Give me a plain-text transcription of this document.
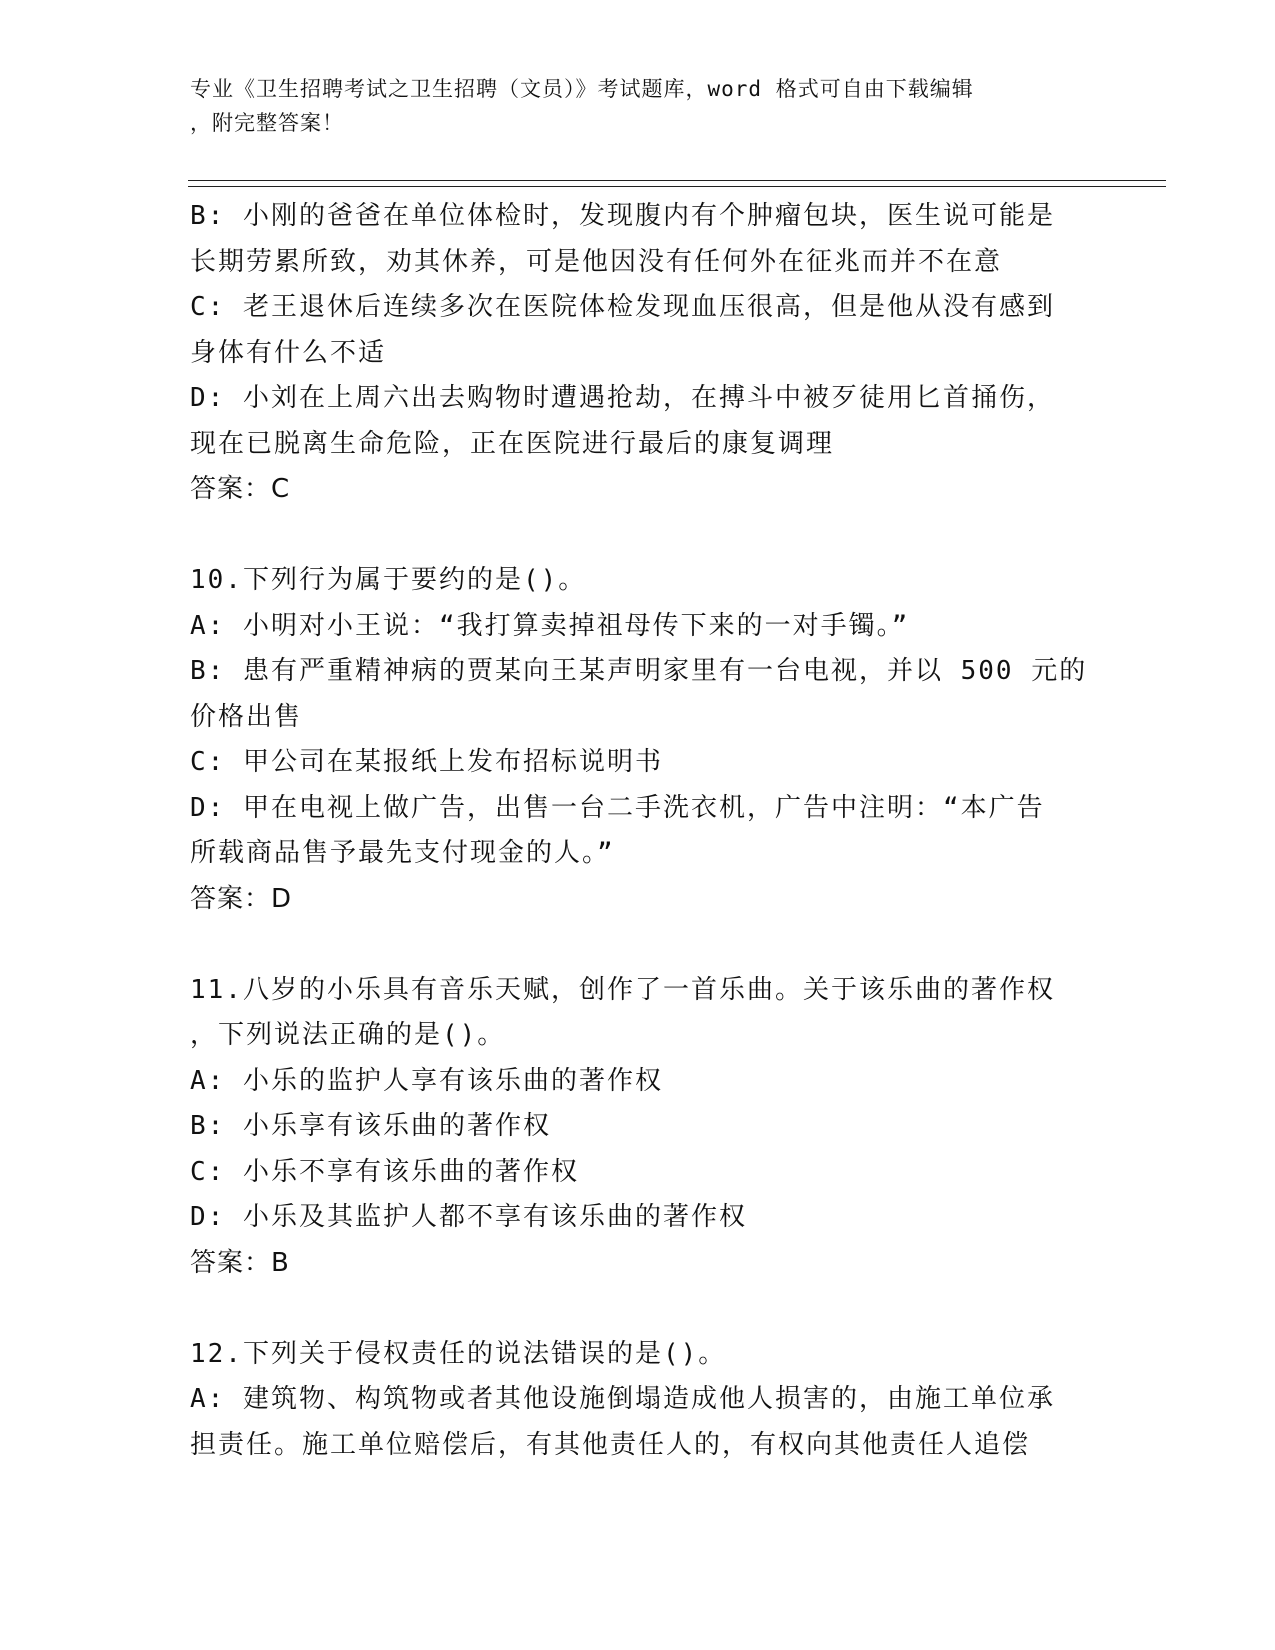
专业《卫生招聘考试之卫生招聘（文员）》考试题库，word 格式可自由下载编辑
，附完整答案！
B: 小刚的爸爸在单位体检时，发现腹内有个肿瘤包块，医生说可能是
长期劳累所致，劝其休养，可是他因没有任何外在征兆而并不在意
C: 老王退休后连续多次在医院体检发现血压很高，但是他从没有感到
身体有什么不适
D: 小刘在上周六出去购物时遭遇抢劫，在搏斗中被歹徒用匕首捅伤，
现在已脱离生命危险，正在医院进行最后的康复调理
答案：C
10.下列行为属于要约的是()。
A: 小明对小王说：“我打算卖掉祖母传下来的一对手镯。”
B: 患有严重精神病的贾某向王某声明家里有一台电视，并以 500 元的
价格出售
C: 甲公司在某报纸上发布招标说明书
D: 甲在电视上做广告，出售一台二手洗衣机，广告中注明：“本广告
所载商品售予最先支付现金的人。”
答案：D
11.八岁的小乐具有音乐天赋，创作了一首乐曲。关于该乐曲的著作权
，下列说法正确的是()。
A: 小乐的监护人享有该乐曲的著作权
B: 小乐享有该乐曲的著作权
C: 小乐不享有该乐曲的著作权
D: 小乐及其监护人都不享有该乐曲的著作权
答案：B
12.下列关于侵权责任的说法错误的是()。
A: 建筑物、构筑物或者其他设施倒塌造成他人损害的，由施工单位承
担责任。施工单位赔偿后，有其他责任人的，有权向其他责任人追偿
